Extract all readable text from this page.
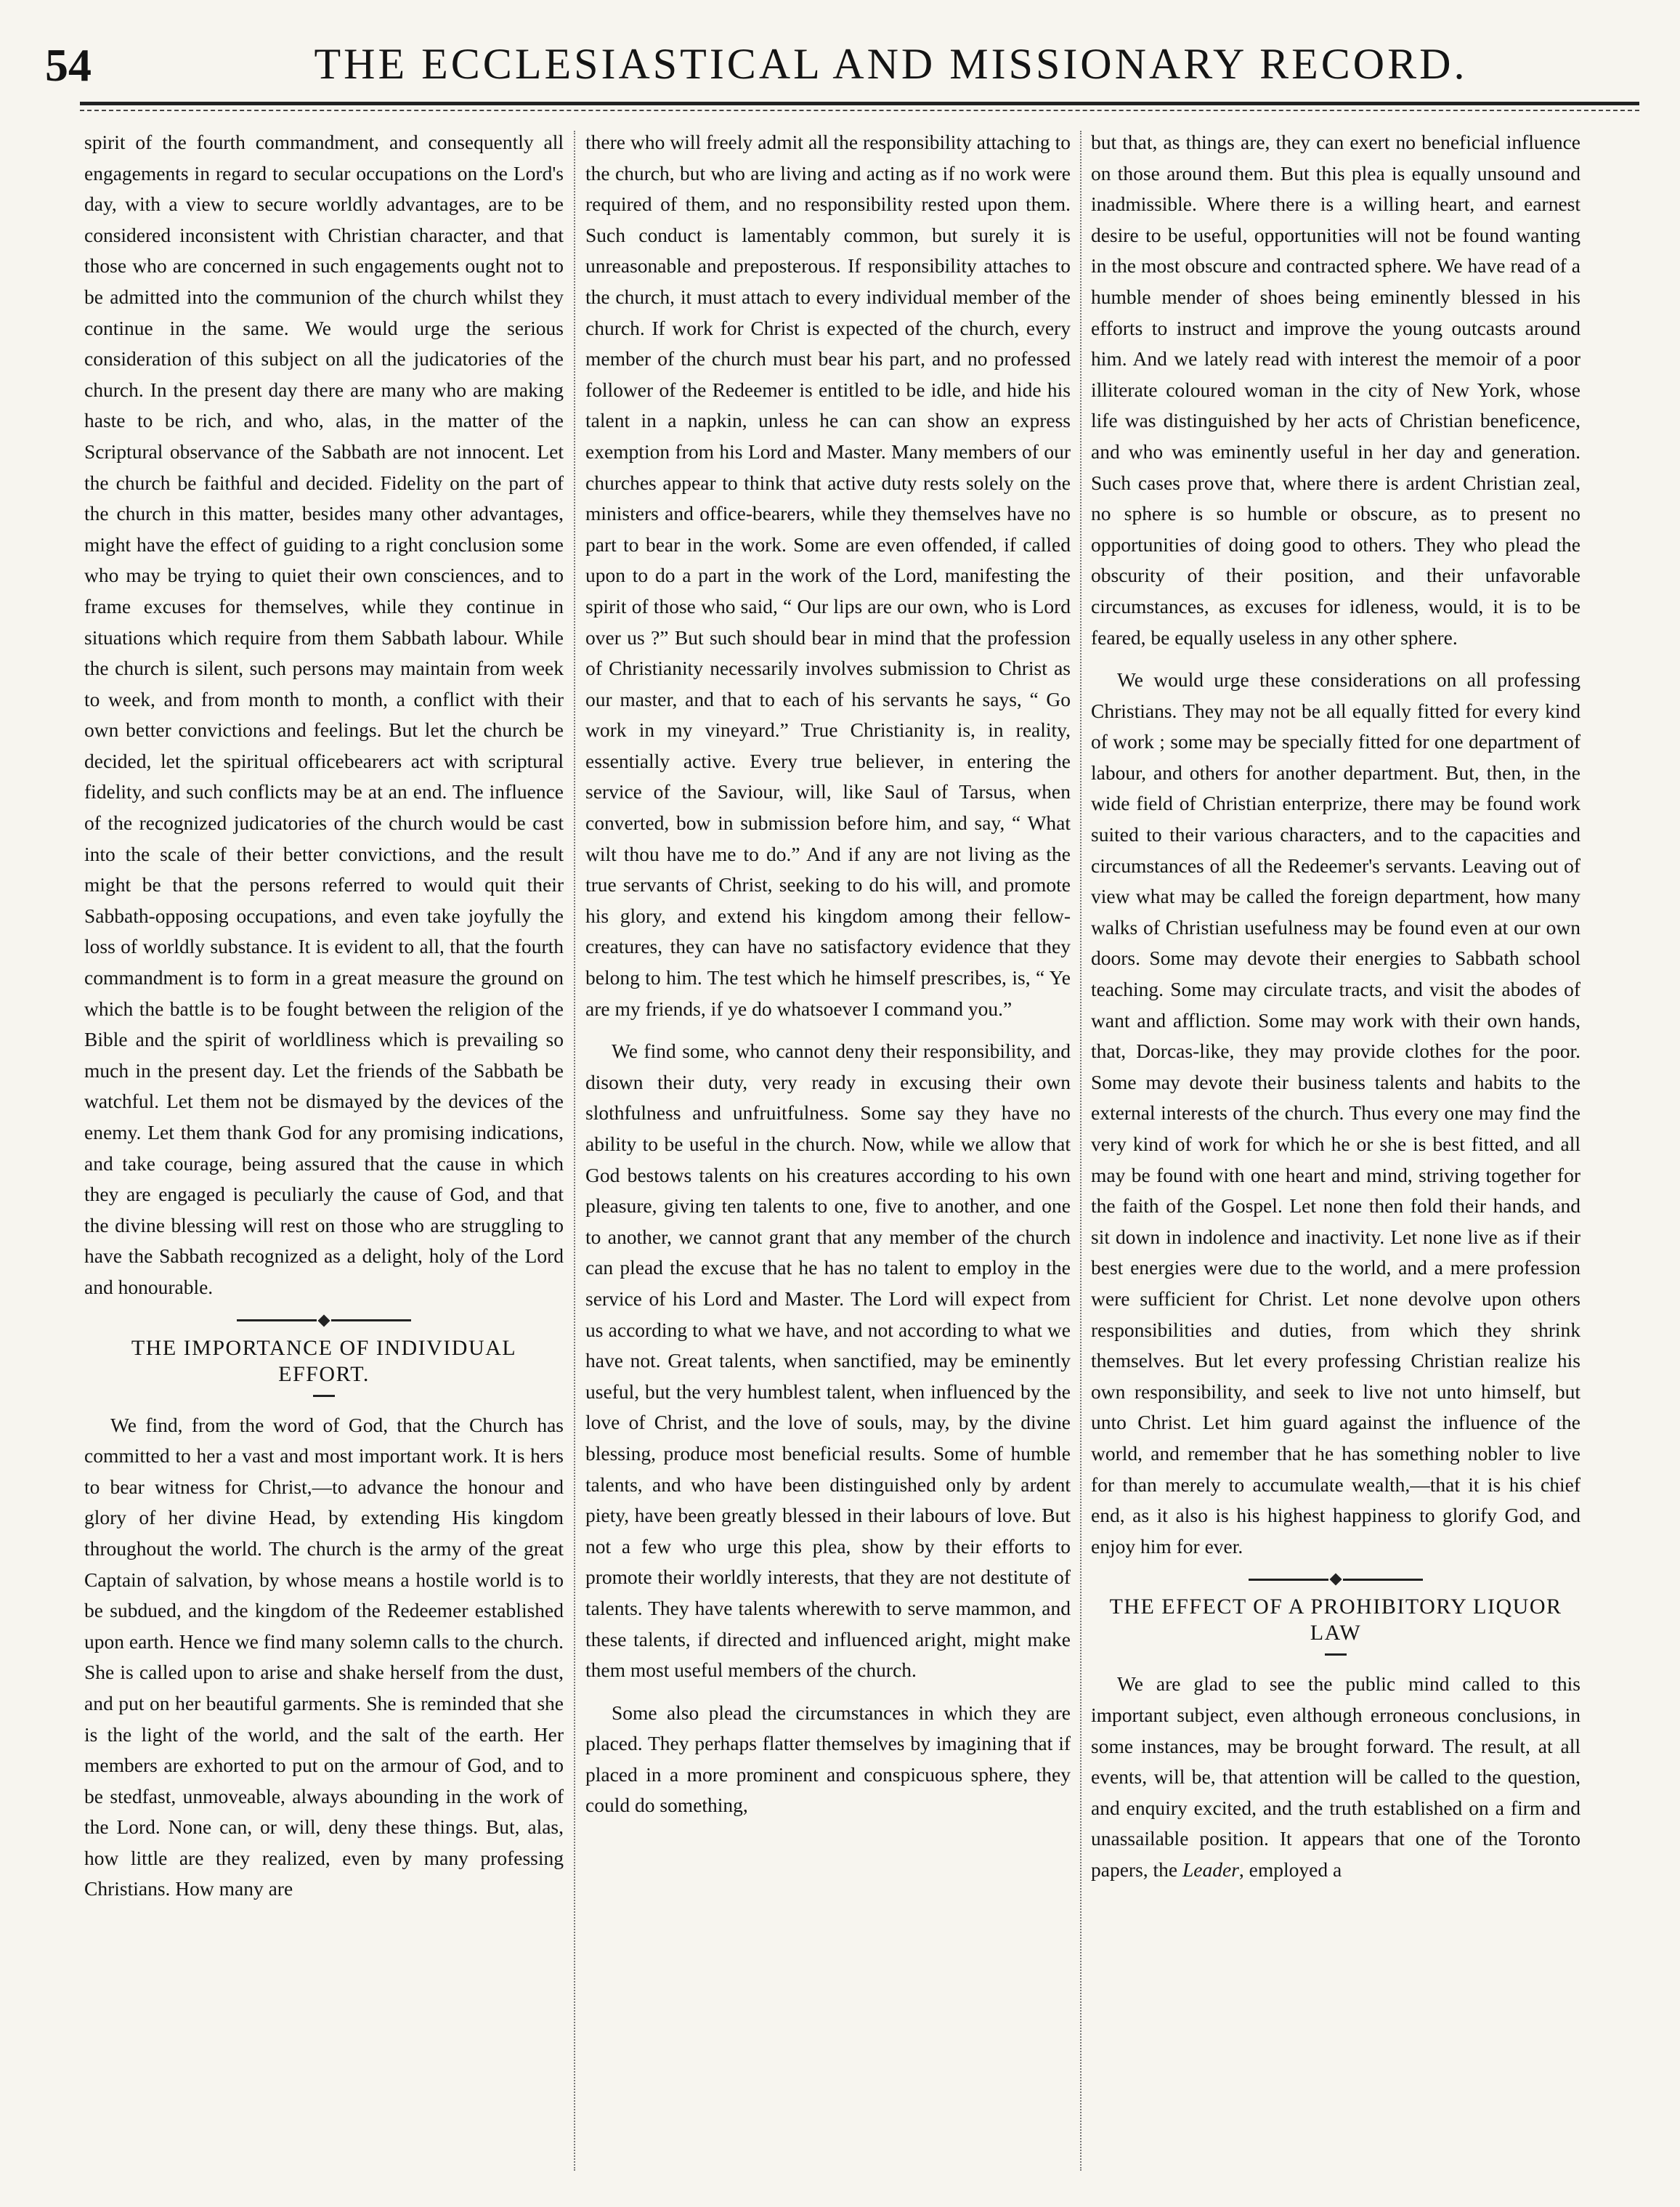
54	THE ECCLESIASTICAL AND MISSIONARY RECORD.

spirit of the fourth commandment, and consequently all engagements in regard to secular occupations on the Lord's day, with a view to secure worldly advantages, are to be considered inconsistent with Christian character, and that those who are concerned in such engagements ought not to be admitted into the communion of the church whilst they continue in the same. We would urge the serious consideration of this subject on all the judicatories of the church. In the present day there are many who are making haste to be rich, and who, alas, in the matter of the Scriptural observance of the Sabbath are not innocent. Let the church be faithful and decided. Fidelity on the part of the church in this matter, besides many other advantages, might have the effect of guiding to a right conclusion some who may be trying to quiet their own consciences, and to frame excuses for themselves, while they continue in situations which require from them Sabbath labour. While the church is silent, such persons may maintain from week to week, and from month to month, a conflict with their own better convictions and feelings. But let the church be decided, let the spiritual officebearers act with scriptural fidelity, and such conflicts may be at an end. The influence of the recognized judicatories of the church would be cast into the scale of their better convictions, and the result might be that the persons referred to would quit their Sabbath-opposing occupations, and even take joyfully the loss of worldly substance. It is evident to all, that the fourth commandment is to form in a great measure the ground on which the battle is to be fought between the religion of the Bible and the spirit of worldliness which is prevailing so much in the present day. Let the friends of the Sabbath be watchful. Let them not be dismayed by the devices of the enemy. Let them thank God for any promising indications, and take courage, being assured that the cause in which they are engaged is peculiarly the cause of God, and that the divine blessing will rest on those who are struggling to have the Sabbath recognized as a delight, holy of the Lord and honourable.

THE IMPORTANCE OF INDIVIDUAL EFFORT.

We find, from the word of God, that the Church has committed to her a vast and most important work. It is hers to bear witness for Christ,—to advance the honour and glory of her divine Head, by extending His kingdom throughout the world. The church is the army of the great Captain of salvation, by whose means a hostile world is to be subdued, and the kingdom of the Redeemer established upon earth. Hence we find many solemn calls to the church. She is called upon to arise and shake herself from the dust, and put on her beautiful garments. She is reminded that she is the light of the world, and the salt of the earth. Her members are exhorted to put on the armour of God, and to be stedfast, unmoveable, always abounding in the work of the Lord. None can, or will, deny these things. But, alas, how little are they realized, even by many professing Christians. How many are

there who will freely admit all the responsibility attaching to the church, but who are living and acting as if no work were required of them, and no responsibility rested upon them. Such conduct is lamentably common, but surely it is unreasonable and preposterous. If responsibility attaches to the church, it must attach to every individual member of the church. If work for Christ is expected of the church, every member of the church must bear his part, and no professed follower of the Redeemer is entitled to be idle, and hide his talent in a napkin, unless he can can show an express exemption from his Lord and Master. Many members of our churches appear to think that active duty rests solely on the ministers and office-bearers, while they themselves have no part to bear in the work. Some are even offended, if called upon to do a part in the work of the Lord, manifesting the spirit of those who said, “ Our lips are our own, who is Lord over us ?” But such should bear in mind that the profession of Christianity necessarily involves submission to Christ as our master, and that to each of his servants he says, “ Go work in my vineyard.” True Christianity is, in reality, essentially active. Every true believer, in entering the service of the Saviour, will, like Saul of Tarsus, when converted, bow in submission before him, and say, “ What wilt thou have me to do.” And if any are not living as the true servants of Christ, seeking to do his will, and promote his glory, and extend his kingdom among their fellow-creatures, they can have no satisfactory evidence that they belong to him. The test which he himself prescribes, is, “ Ye are my friends, if ye do whatsoever I command you.”

We find some, who cannot deny their responsibility, and disown their duty, very ready in excusing their own slothfulness and unfruitfulness. Some say they have no ability to be useful in the church. Now, while we allow that God bestows talents on his creatures according to his own pleasure, giving ten talents to one, five to another, and one to another, we cannot grant that any member of the church can plead the excuse that he has no talent to employ in the service of his Lord and Master. The Lord will expect from us according to what we have, and not according to what we have not. Great talents, when sanctified, may be eminently useful, but the very humblest talent, when influenced by the love of Christ, and the love of souls, may, by the divine blessing, produce most beneficial results. Some of humble talents, and who have been distinguished only by ardent piety, have been greatly blessed in their labours of love. But not a few who urge this plea, show by their efforts to promote their worldly interests, that they are not destitute of talents. They have talents wherewith to serve mammon, and these talents, if directed and influenced aright, might make them most useful members of the church.

Some also plead the circumstances in which they are placed. They perhaps flatter themselves by imagining that if placed in a more prominent and conspicuous sphere, they could do something,

but that, as things are, they can exert no beneficial influence on those around them. But this plea is equally unsound and inadmissible. Where there is a willing heart, and earnest desire to be useful, opportunities will not be found wanting in the most obscure and contracted sphere. We have read of a humble mender of shoes being eminently blessed in his efforts to instruct and improve the young outcasts around him. And we lately read with interest the memoir of a poor illiterate coloured woman in the city of New York, whose life was distinguished by her acts of Christian beneficence, and who was eminently useful in her day and generation. Such cases prove that, where there is ardent Christian zeal, no sphere is so humble or obscure, as to present no opportunities of doing good to others. They who plead the obscurity of their position, and their unfavorable circumstances, as excuses for idleness, would, it is to be feared, be equally useless in any other sphere.

We would urge these considerations on all professing Christians. They may not be all equally fitted for every kind of work ; some may be specially fitted for one department of labour, and others for another department. But, then, in the wide field of Christian enterprize, there may be found work suited to their various characters, and to the capacities and circumstances of all the Redeemer's servants. Leaving out of view what may be called the foreign department, how many walks of Christian usefulness may be found even at our own doors. Some may devote their energies to Sabbath school teaching. Some may circulate tracts, and visit the abodes of want and affliction. Some may work with their own hands, that, Dorcas-like, they may provide clothes for the poor. Some may devote their business talents and habits to the external interests of the church. Thus every one may find the very kind of work for which he or she is best fitted, and all may be found with one heart and mind, striving together for the faith of the Gospel. Let none then fold their hands, and sit down in indolence and inactivity. Let none live as if their best energies were due to the world, and a mere profession were sufficient for Christ. Let none devolve upon others responsibilities and duties, from which they shrink themselves. But let every professing Christian realize his own responsibility, and seek to live not unto himself, but unto Christ. Let him guard against the influence of the world, and remember that he has something nobler to live for than merely to accumulate wealth,—that it is his chief end, as it also is his highest happiness to glorify God, and enjoy him for ever.

THE EFFECT OF A PROHIBITORY LIQUOR LAW

We are glad to see the public mind called to this important subject, even although erroneous conclusions, in some instances, may be brought forward. The result, at all events, will be, that attention will be called to the question, and enquiry excited, and the truth established on a firm and unassailable position. It appears that one of the Toronto papers, the Leader, employed a
